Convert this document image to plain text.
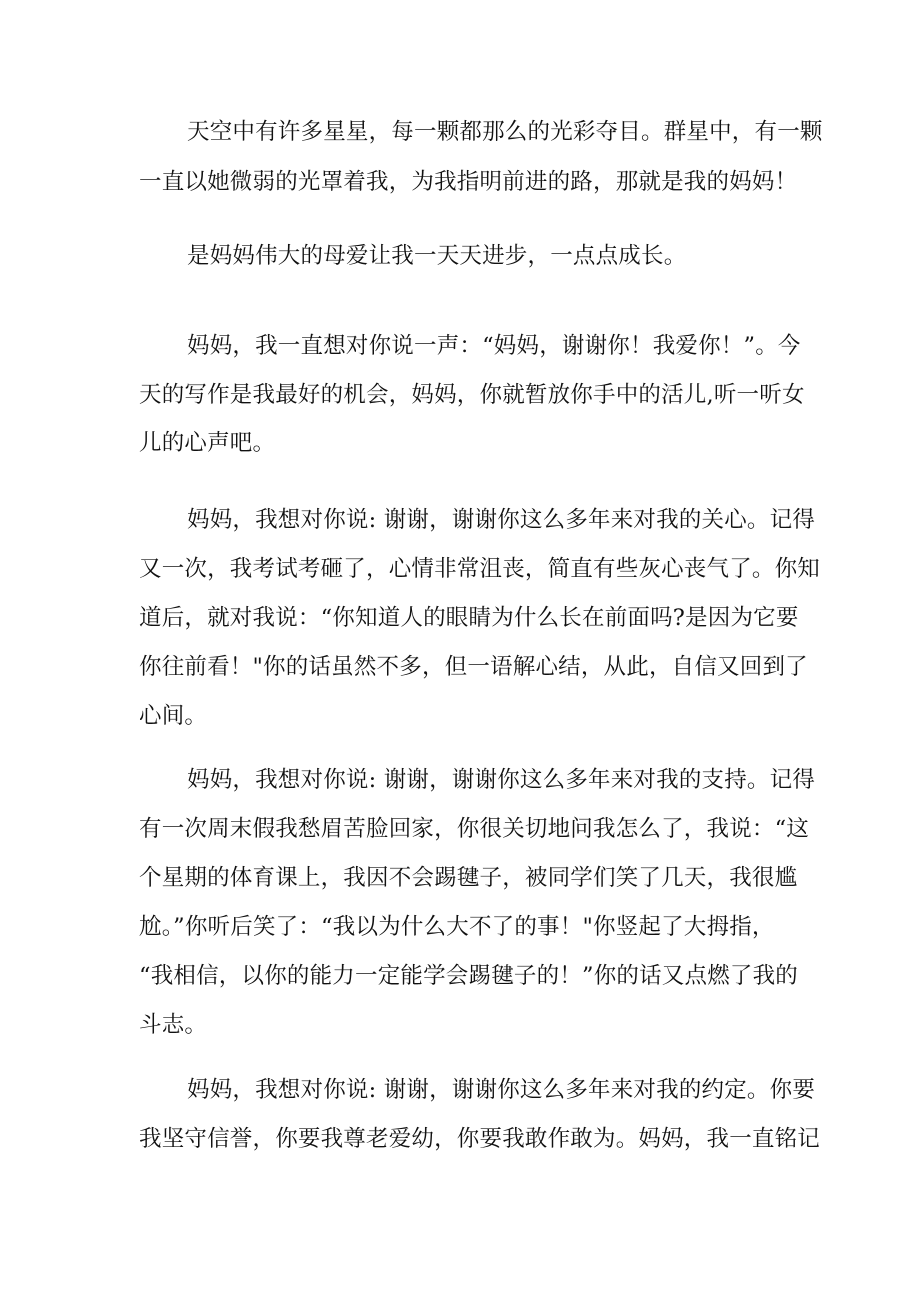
天空中有许多星星，每一颗都那么的光彩夺目。群星中，有一颗
一直以她微弱的光罩着我，为我指明前进的路，那就是我的妈妈！
是妈妈伟大的母爱让我一天天进步，一点点成长。
妈妈，我一直想对你说一声：“妈妈，谢谢你！我爱你！”。今
天的写作是我最好的机会，妈妈，你就暂放你手中的活儿,听一听女
儿的心声吧。
妈妈，我想对你说: 谢谢，谢谢你这么多年来对我的关心。记得
又一次，我考试考砸了，心情非常沮丧，简直有些灰心丧气了。你知
道后，就对我说：“你知道人的眼睛为什么长在前面吗?是因为它要
你往前看！"你的话虽然不多，但一语解心结，从此，自信又回到了
心间。
妈妈，我想对你说: 谢谢，谢谢你这么多年来对我的支持。记得
有一次周末假我愁眉苦脸回家，你很关切地问我怎么了，我说：“这
个星期的体育课上，我因不会踢毽子，被同学们笑了几天，我很尴
尬。”你听后笑了：“我以为什么大不了的事！"你竖起了大拇指，
“我相信，以你的能力一定能学会踢毽子的！”你的话又点燃了我的
斗志。
妈妈，我想对你说: 谢谢，谢谢你这么多年来对我的约定。你要
我坚守信誉，你要我尊老爱幼，你要我敢作敢为。妈妈，我一直铭记
